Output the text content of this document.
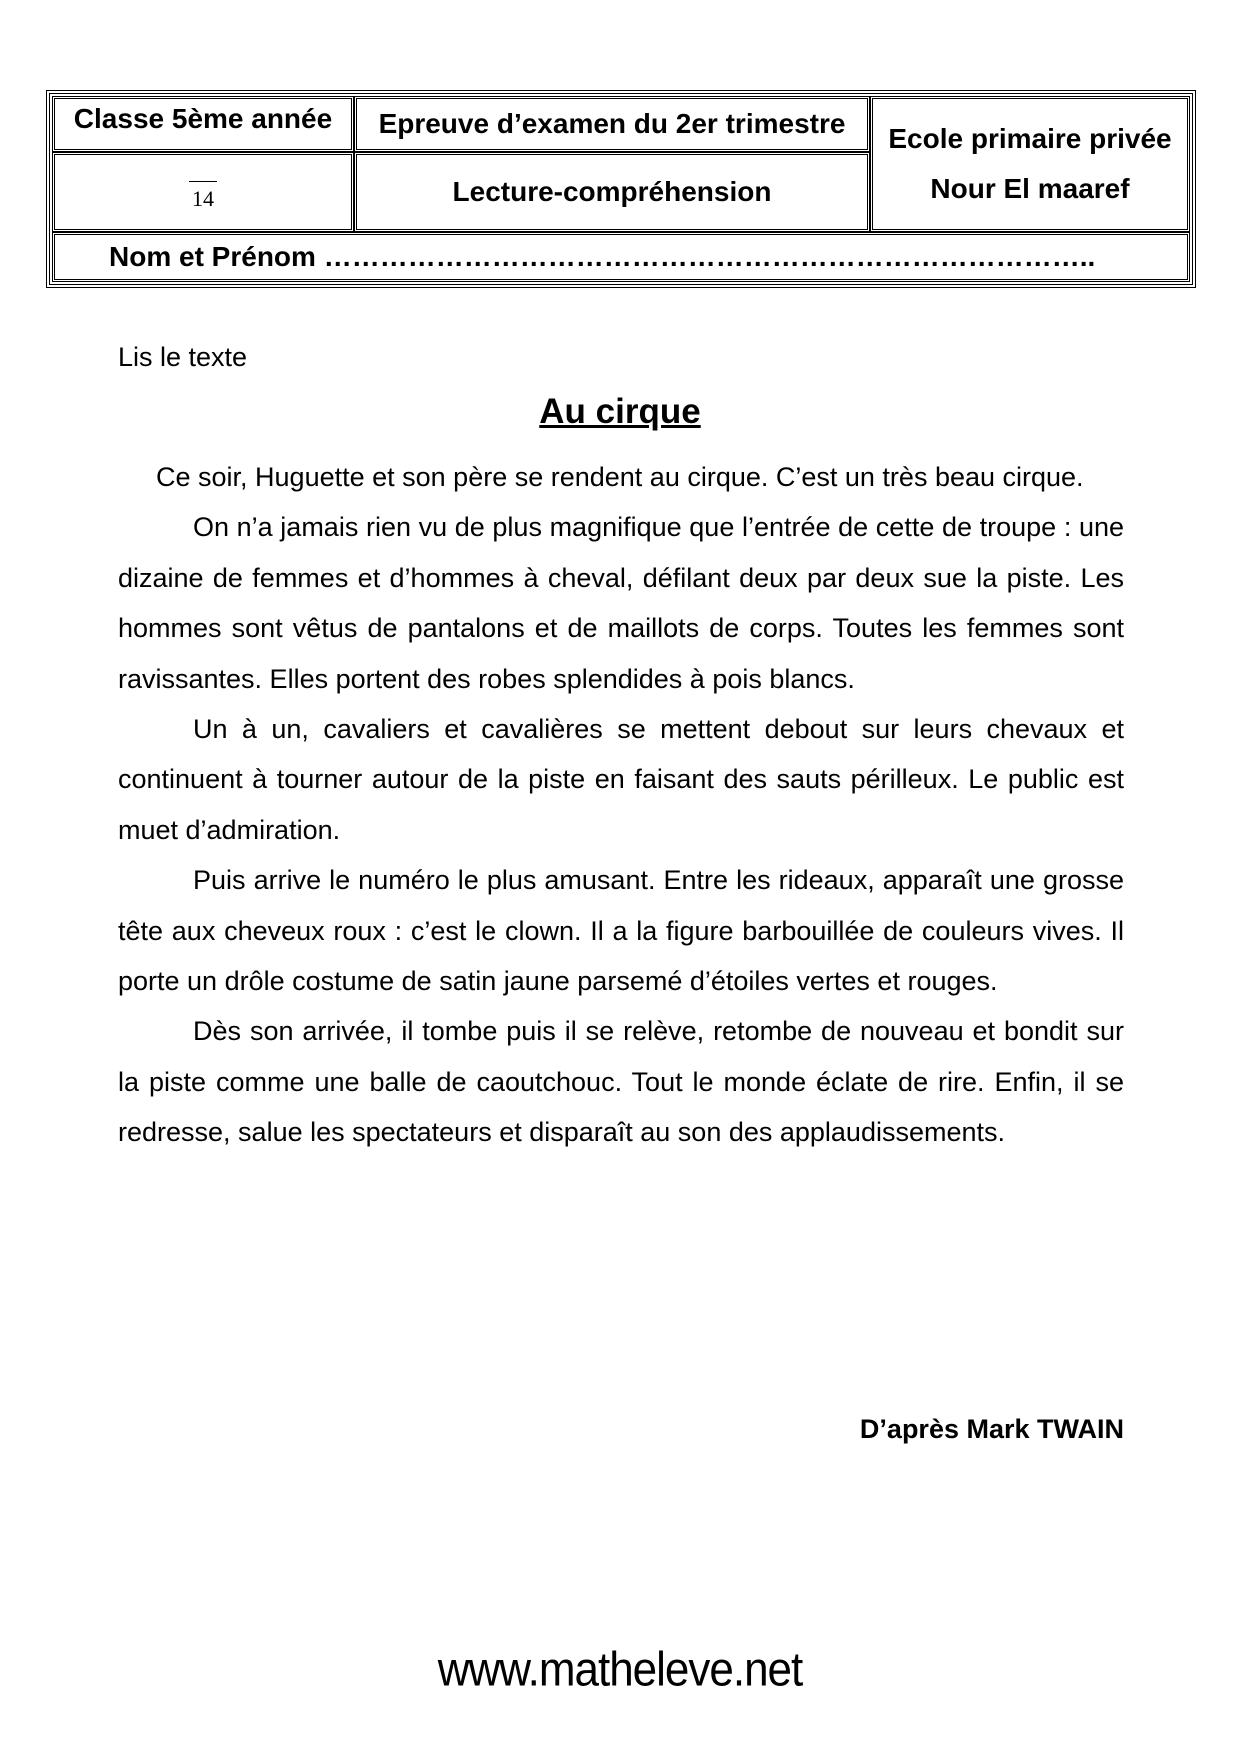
Classe 5ème année Epreuve d’examen du 2er trimestre Ecole primaire privée
Nour El maaref
14	Lecture-compréhension
Nom et Prénom ………………………………………………………………………..
Lis le texte
Au cirque

Ce soir, Huguette et son père se rendent au cirque. C’est un très beau cirque.

On n’a jamais rien vu de plus magnifique que l’entrée de cette de troupe : une dizaine de femmes et d’hommes à cheval, défilant deux par deux sue la piste. Les hommes sont vêtus de pantalons et de maillots de corps. Toutes les femmes sont ravissantes. Elles portent des robes splendides à pois blancs.

Un à un, cavaliers et cavalières se mettent debout sur leurs chevaux et continuent à tourner autour de la piste en faisant des sauts périlleux. Le public est muet d’admiration.

Puis arrive le numéro le plus amusant. Entre les rideaux, apparaît une grosse tête aux cheveux roux : c’est le clown. Il a la figure barbouillée de couleurs vives. Il porte un drôle costume de satin jaune parsemé d’étoiles vertes et rouges.

Dès son arrivée, il tombe puis il se relève, retombe de nouveau et bondit sur la piste comme une balle de caoutchouc. Tout le monde éclate de rire. Enfin, il se redresse, salue les spectateurs et disparaît au son des applaudissements.

D’après Mark TWAIN
www.matheleve.net
